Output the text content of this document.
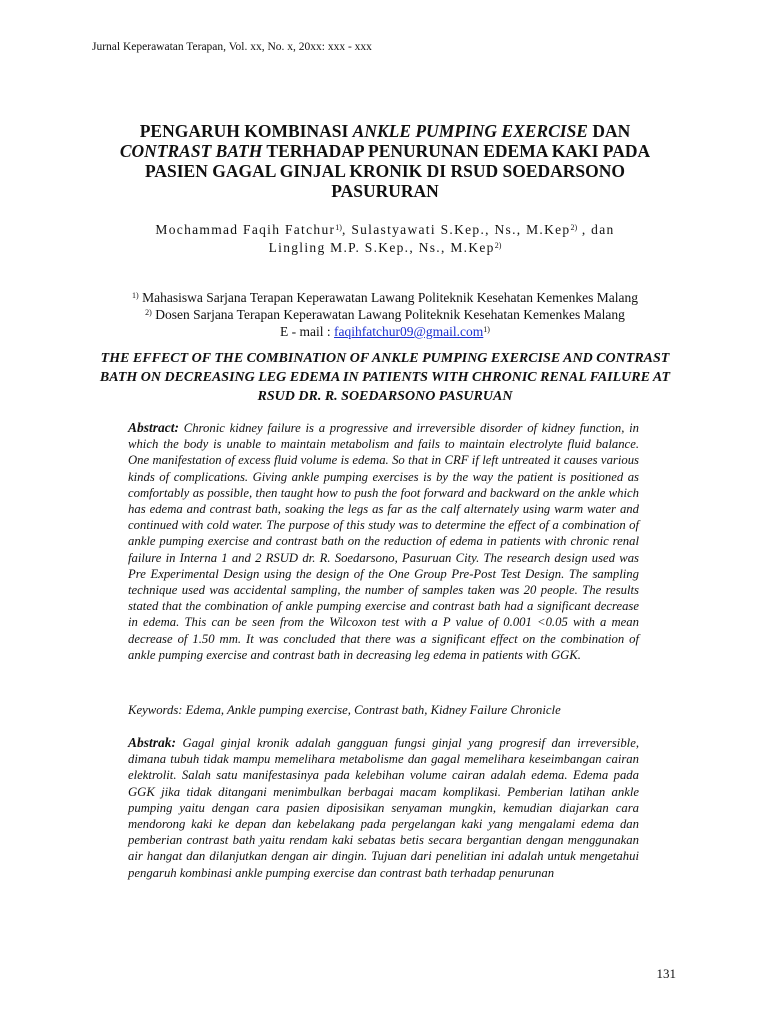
Jurnal Keperawatan Terapan, Vol. xx, No. x, 20xx: xxx - xxx
PENGARUH KOMBINASI ANKLE PUMPING EXERCISE DAN
CONTRAST BATH TERHADAP PENURUNAN EDEMA KAKI PADA PASIEN GAGAL GINJAL KRONIK DI RSUD SOEDARSONO PASURURAN
Mochammad Faqih Fatchur$^{1)}$, Sulastyawati S.Kep., Ns., M.Kep$^{2)}$ , dan
Lingling M.P. S.Kep., Ns., M.Kep$^{2)}$
$^{1)}$ Mahasiswa Sarjana Terapan Keperawatan Lawang Politeknik Kesehatan Kemenkes Malang
$^{2)}$ Dosen Sarjana Terapan Keperawatan Lawang Politeknik Kesehatan Kemenkes Malang
E - mail : faqihfatchur09@gmail.com$^{1)}$
THE EFFECT OF THE COMBINATION OF ANKLE PUMPING EXERCISE AND CONTRAST BATH ON DECREASING LEG EDEMA IN PATIENTS WITH CHRONIC RENAL FAILURE AT RSUD DR. R. SOEDARSONO PASURUAN
Abstract: Chronic kidney failure is a progressive and irreversible disorder of kidney function, in which the body is unable to maintain metabolism and fails to maintain electrolyte fluid balance. One manifestation of excess fluid volume is edema. So that in CRF if left untreated it causes various kinds of complications. Giving ankle pumping exercises is by the way the patient is positioned as comfortably as possible, then taught how to push the foot forward and backward on the ankle which has edema and contrast bath, soaking the legs as far as the calf alternately using warm water and continued with cold water. The purpose of this study was to determine the effect of a combination of ankle pumping exercise and contrast bath on the reduction of edema in patients with chronic renal failure in Interna 1 and 2 RSUD dr. R. Soedarsono, Pasuruan City. The research design used was Pre Experimental Design using the design of the One Group Pre-Post Test Design. The sampling technique used was accidental sampling, the number of samples taken was 20 people. The results stated that the combination of ankle pumping exercise and contrast bath had a significant decrease in edema. This can be seen from the Wilcoxon test with a P value of 0.001 <0.05 with a mean decrease of 1.50 mm. It was concluded that there was a significant effect on the combination of ankle pumping exercise and contrast bath in decreasing leg edema in patients with GGK.
Keywords: Edema, Ankle pumping exercise, Contrast bath, Kidney Failure Chronicle
Abstrak: Gagal ginjal kronik adalah gangguan fungsi ginjal yang progresif dan irreversible, dimana tubuh tidak mampu memelihara metabolisme dan gagal memelihara keseimbangan cairan elektrolit. Salah satu manifestasinya pada kelebihan volume cairan adalah edema. Edema pada GGK jika tidak ditangani menimbulkan berbagai macam komplikasi. Pemberian latihan ankle pumping yaitu dengan cara pasien diposisikan senyaman mungkin, kemudian diajarkan cara mendorong kaki ke depan dan kebelakang pada pergelangan kaki yang mengalami edema dan pemberian contrast bath yaitu rendam kaki sebatas betis secara bergantian dengan menggunakan air hangat dan dilanjutkan dengan air dingin. Tujuan dari penelitian ini adalah untuk mengetahui pengaruh kombinasi ankle pumping exercise dan contrast bath terhadap penurunan
131
